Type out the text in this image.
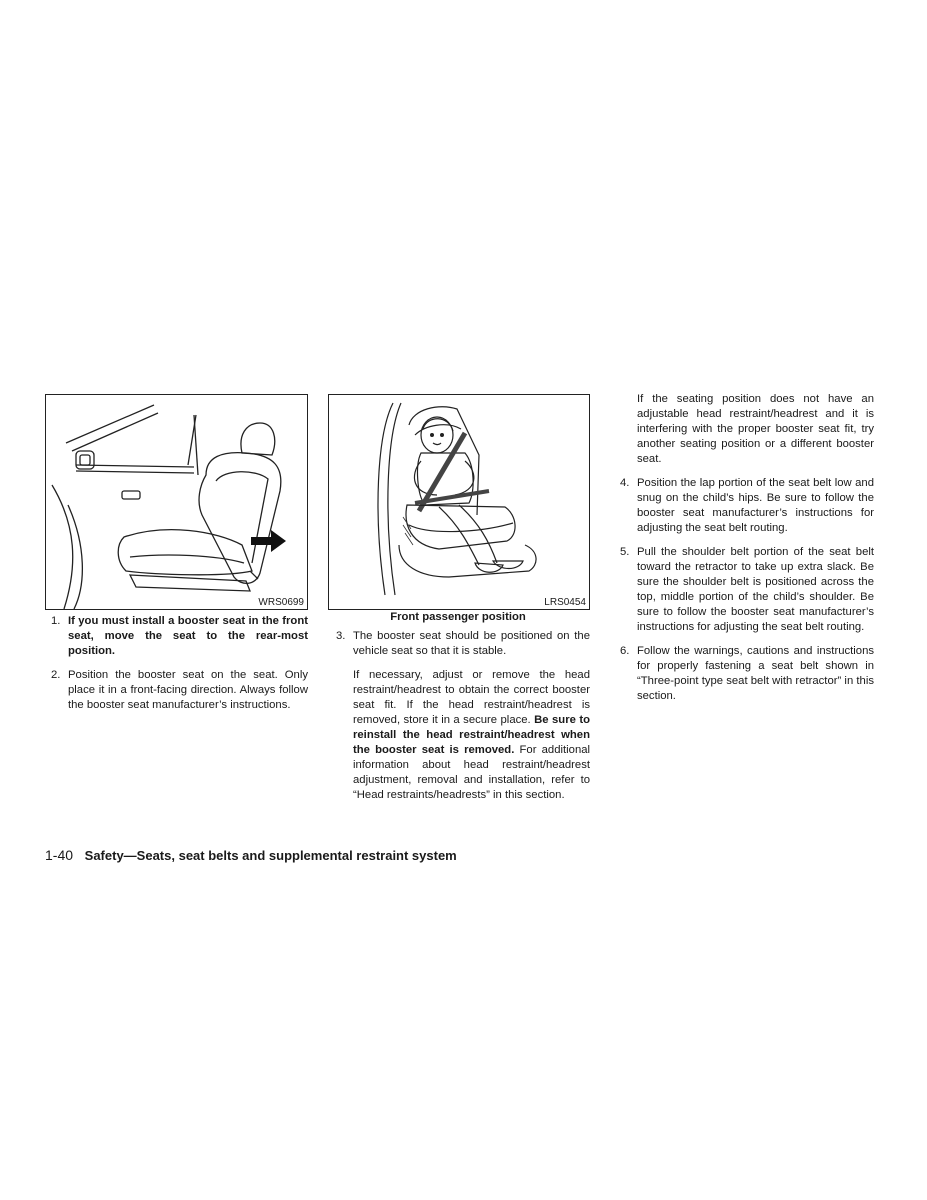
WRS0699	LRS0454
Front passenger position
1. If you must install a booster seat in the front seat, move the seat to the rear-most position.
2. Position the booster seat on the seat. Only place it in a front-facing direction. Always follow the booster seat manufacturer’s instructions.
3. The booster seat should be positioned on the vehicle seat so that it is stable.
If necessary, adjust or remove the head restraint/headrest to obtain the correct booster seat fit. If the head restraint/headrest is removed, store it in a secure place. Be sure to reinstall the head restraint/headrest when the booster seat is removed. For additional information about head restraint/headrest adjustment, removal and installation, refer to “Head restraints/headrests” in this section.
If the seating position does not have an adjustable head restraint/headrest and it is interfering with the proper booster seat fit, try another seating position or a different booster seat.
4. Position the lap portion of the seat belt low and snug on the child’s hips. Be sure to follow the booster seat manufacturer’s instructions for adjusting the seat belt routing.
5. Pull the shoulder belt portion of the seat belt toward the retractor to take up extra slack. Be sure the shoulder belt is positioned across the top, middle portion of the child’s shoulder. Be sure to follow the booster seat manufacturer’s instructions for adjusting the seat belt routing.
6. Follow the warnings, cautions and instructions for properly fastening a seat belt shown in “Three-point type seat belt with retractor” in this section.
1-40 Safety—Seats, seat belts and supplemental restraint system
